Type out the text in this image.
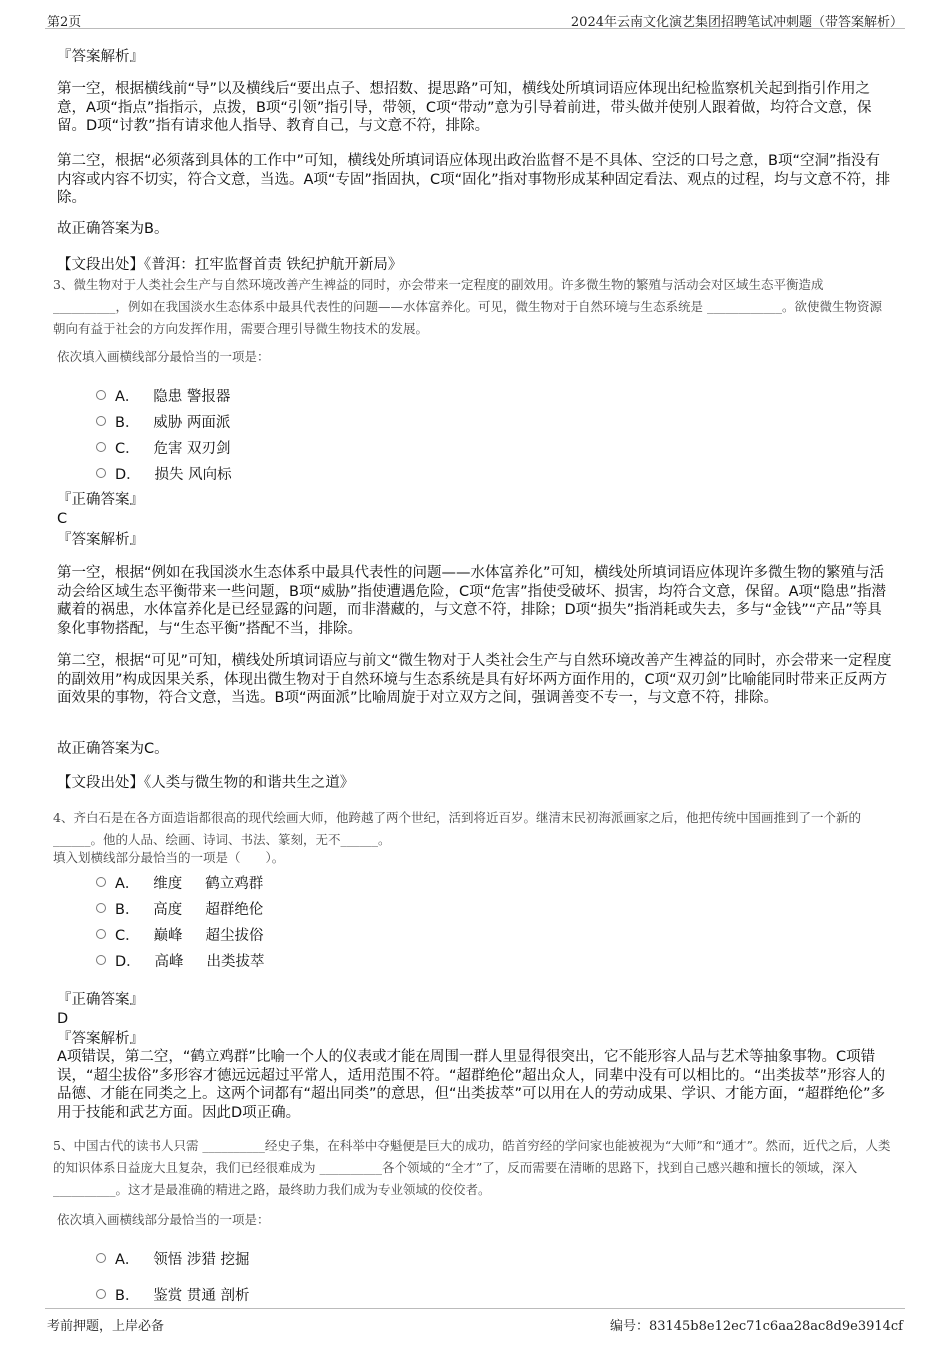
第2页	2024年云南文化演艺集团招聘笔试冲刺题（带答案解析）
『答案解析』
第一空，根据横线前“导”以及横线后“要出点子、想招数、提思路”可知，横线处所填词语应体现出纪检监察机关起到指引作用之意，A项“指点”指指示，点拨，B项“引领”指引导，带领，C项“带动”意为引导着前进，带头做并使别人跟着做，均符合文意，保留。D项“讨教”指有请求他人指导、教育自己，与文意不符，排除。
第二空，根据“必须落到具体的工作中”可知，横线处所填词语应体现出政治监督不是不具体、空泛的口号之意，B项“空洞”指没有内容或内容不切实，符合文意，当选。A项“专固”指固执，C项“固化”指对事物形成某种固定看法、观点的过程，均与文意不符，排除。
故正确答案为B。
【文段出处】《普洱：扛牢监督首责 铁纪护航开新局》
3、微生物对于人类社会生产与自然环境改善产生裨益的同时，亦会带来一定程度的副效用。许多微生物的繁殖与活动会对区域生态平衡造成__________，例如在我国淡水生态体系中最具代表性的问题——水体富养化。可见，微生物对于自然环境与生态系统是 ____________。欲使微生物资源朝向有益于社会的方向发挥作用，需要合理引导微生物技术的发展。
依次填入画横线部分最恰当的一项是：
A．   隐患 警报器
B．   威胁 两面派
C．   危害 双刃剑
D．   损失 风向标
『正确答案』
C
『答案解析』
第一空，根据“例如在我国淡水生态体系中最具代表性的问题——水体富养化”可知，横线处所填词语应体现许多微生物的繁殖与活动会给区域生态平衡带来一些问题，B项“威胁”指使遭遇危险，C项“危害”指使受破坏、损害，均符合文意，保留。A项“隐患”指潜藏着的祸患，水体富养化是已经显露的问题，而非潜藏的，与文意不符，排除；D项“损失”指消耗或失去，多与“金钱”“产品”等具象化事物搭配，与“生态平衡”搭配不当，排除。
第二空，根据“可见”可知，横线处所填词语应与前文“微生物对于人类社会生产与自然环境改善产生裨益的同时，亦会带来一定程度的副效用”构成因果关系，体现出微生物对于自然环境与生态系统是具有好坏两方面作用的，C项“双刃剑”比喻能同时带来正反两方面效果的事物，符合文意，当选。B项“两面派”比喻周旋于对立双方之间，强调善变不专一，与文意不符，排除。
故正确答案为C。
【文段出处】《人类与微生物的和谐共生之道》
4、齐白石是在各方面造诣都很高的现代绘画大师，他跨越了两个世纪，活到将近百岁。继清末民初海派画家之后，他把传统中国画推到了一个新的______。他的人品、绘画、诗词、书法、篆刻，无不______。
填入划横线部分最恰当的一项是（　　）。
A．   维度     鹤立鸡群
B．   高度     超群绝伦
C．   巅峰     超尘拔俗
D．   高峰     出类拔萃
『正确答案』
D
『答案解析』
A项错误，第二空，“鹤立鸡群”比喻一个人的仪表或才能在周围一群人里显得很突出，它不能形容人品与艺术等抽象事物。C项错误，“超尘拔俗”多形容才德远远超过平常人，适用范围不符。“超群绝伦”超出众人，同辈中没有可以相比的。“出类拔萃”形容人的品德、才能在同类之上。这两个词都有“超出同类”的意思，但“出类拔萃”可以用在人的劳动成果、学识、才能方面，“超群绝伦”多用于技能和武艺方面。因此D项正确。
5、中国古代的读书人只需 __________经史子集，在科举中夺魁便是巨大的成功，皓首穷经的学问家也能被视为“大师”和“通才”。然而，近代之后，人类的知识体系日益庞大且复杂，我们已经很难成为 __________各个领域的“全才”了，反而需要在清晰的思路下，找到自己感兴趣和擅长的领域，深入 __________。这才是最准确的精进之路，最终助力我们成为专业领域的佼佼者。
依次填入画横线部分最恰当的一项是：
A．   领悟 涉猎 挖掘
B．   鉴赏 贯通 剖析
考前押题，上岸必备	编号：83145b8e12ec71c6aa28ac8d9e3914cf
